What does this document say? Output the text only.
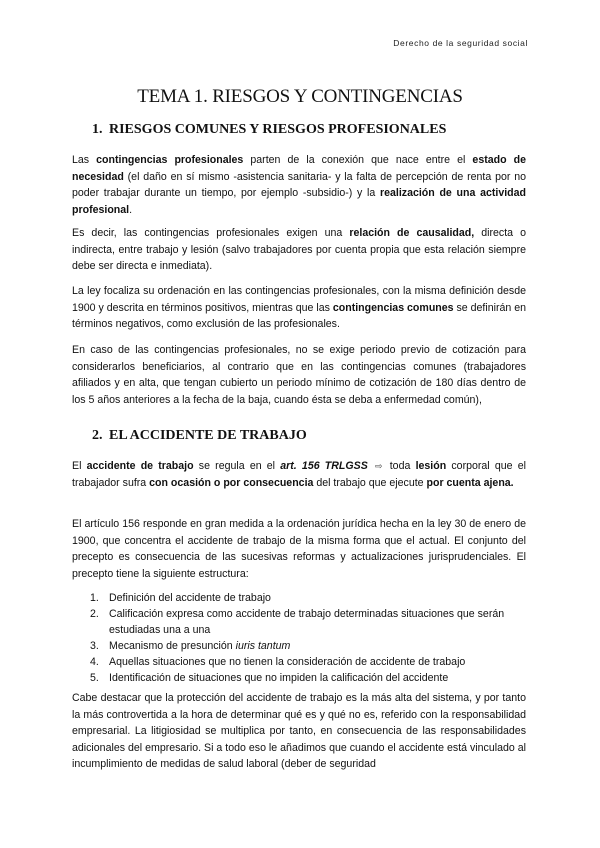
Derecho de la seguridad social
TEMA 1. RIESGOS Y CONTINGENCIAS
1. RIESGOS COMUNES Y RIESGOS PROFESIONALES

Las contingencias profesionales parten de la conexión que nace entre el estado de necesidad (el daño en sí mismo -asistencia sanitaria- y la falta de percepción de renta por no poder trabajar durante un tiempo, por ejemplo -subsidio-) y la realización de una actividad profesional.

Es decir, las contingencias profesionales exigen una relación de causalidad, directa o indirecta, entre trabajo y lesión (salvo trabajadores por cuenta propia que esta relación siempre debe ser directa e inmediata).

La ley focaliza su ordenación en las contingencias profesionales, con la misma definición desde 1900 y descrita en términos positivos, mientras que las contingencias comunes se definirán en términos negativos, como exclusión de las profesionales.

En caso de las contingencias profesionales, no se exige periodo previo de cotización para considerarlos beneficiarios, al contrario que en las contingencias comunes (trabajadores afiliados y en alta, que tengan cubierto un periodo mínimo de cotización de 180 días dentro de los 5 años anteriores a la fecha de la baja, cuando ésta se deba a enfermedad común),

2. EL ACCIDENTE DE TRABAJO

El accidente de trabajo se regula en el art. 156 TRLGSS ⇨ toda lesión corporal que el trabajador sufra con ocasión o por consecuencia del trabajo que ejecute por cuenta ajena.

El artículo 156 responde en gran medida a la ordenación jurídica hecha en la ley 30 de enero de 1900, que concentra el accidente de trabajo de la misma forma que el actual. El conjunto del precepto es consecuencia de las sucesivas reformas y actualizaciones jurisprudenciales. El precepto tiene la siguiente estructura:

1. Definición del accidente de trabajo
2. Calificación expresa como accidente de trabajo determinadas situaciones que serán estudiadas una a una
3. Mecanismo de presunción iuris tantum
4. Aquellas situaciones que no tienen la consideración de accidente de trabajo
5. Identificación de situaciones que no impiden la calificación del accidente

Cabe destacar que la protección del accidente de trabajo es la más alta del sistema, y por tanto la más controvertida a la hora de determinar qué es y qué no es, referido con la responsabilidad empresarial. La litigiosidad se multiplica por tanto, en consecuencia de las responsabilidades adicionales del empresario. Si a todo eso le añadimos que cuando el accidente está vinculado al incumplimiento de medidas de salud laboral (deber de seguridad
